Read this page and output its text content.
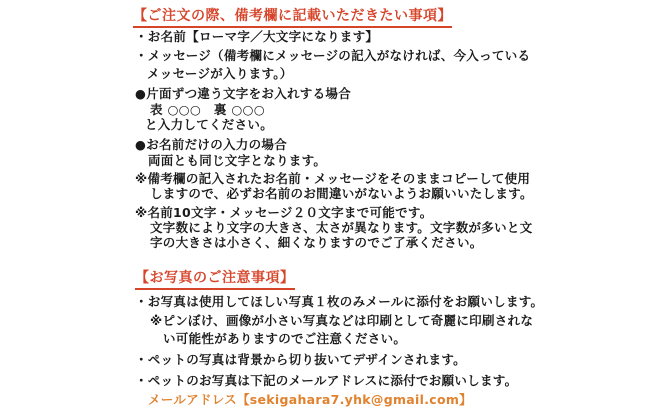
【ご注文の際、備考欄に記載いただきたい事項】
・お名前【ローマ字／大文字になります】
・メッセージ（備考欄にメッセージの記入がなければ、今入っている
メッセージが入ります。）
●片面ずつ違う文字をお入れする場合
表 ○○○　裏 ○○○
と入力してください。
●お名前だけの入力の場合
両面とも同じ文字となります。
※備考欄の記入されたお名前・メッセージをそのままコピーして使用
しますので、必ずお名前のお間違いがないようお願いいたします。
※名前10文字・メッセージ２０文字まで可能です。
文字数により文字の大きさ、太さが異なります。文字数が多いと文
字の大きさは小さく、細くなりますのでご了承ください。
【お写真のご注意事項】
・お写真は使用してほしい写真１枚のみメールに添付をお願いします。
※ピンぼけ、画像が小さい写真などは印刷として奇麗に印刷されな
い可能性がありますのでご注意ください。
・ペットの写真は背景から切り抜いてデザインされます。
・ペットのお写真は下記のメールアドレスに添付でお願いします。
メールアドレス【sekigahara7.yhk@gmail.com】
